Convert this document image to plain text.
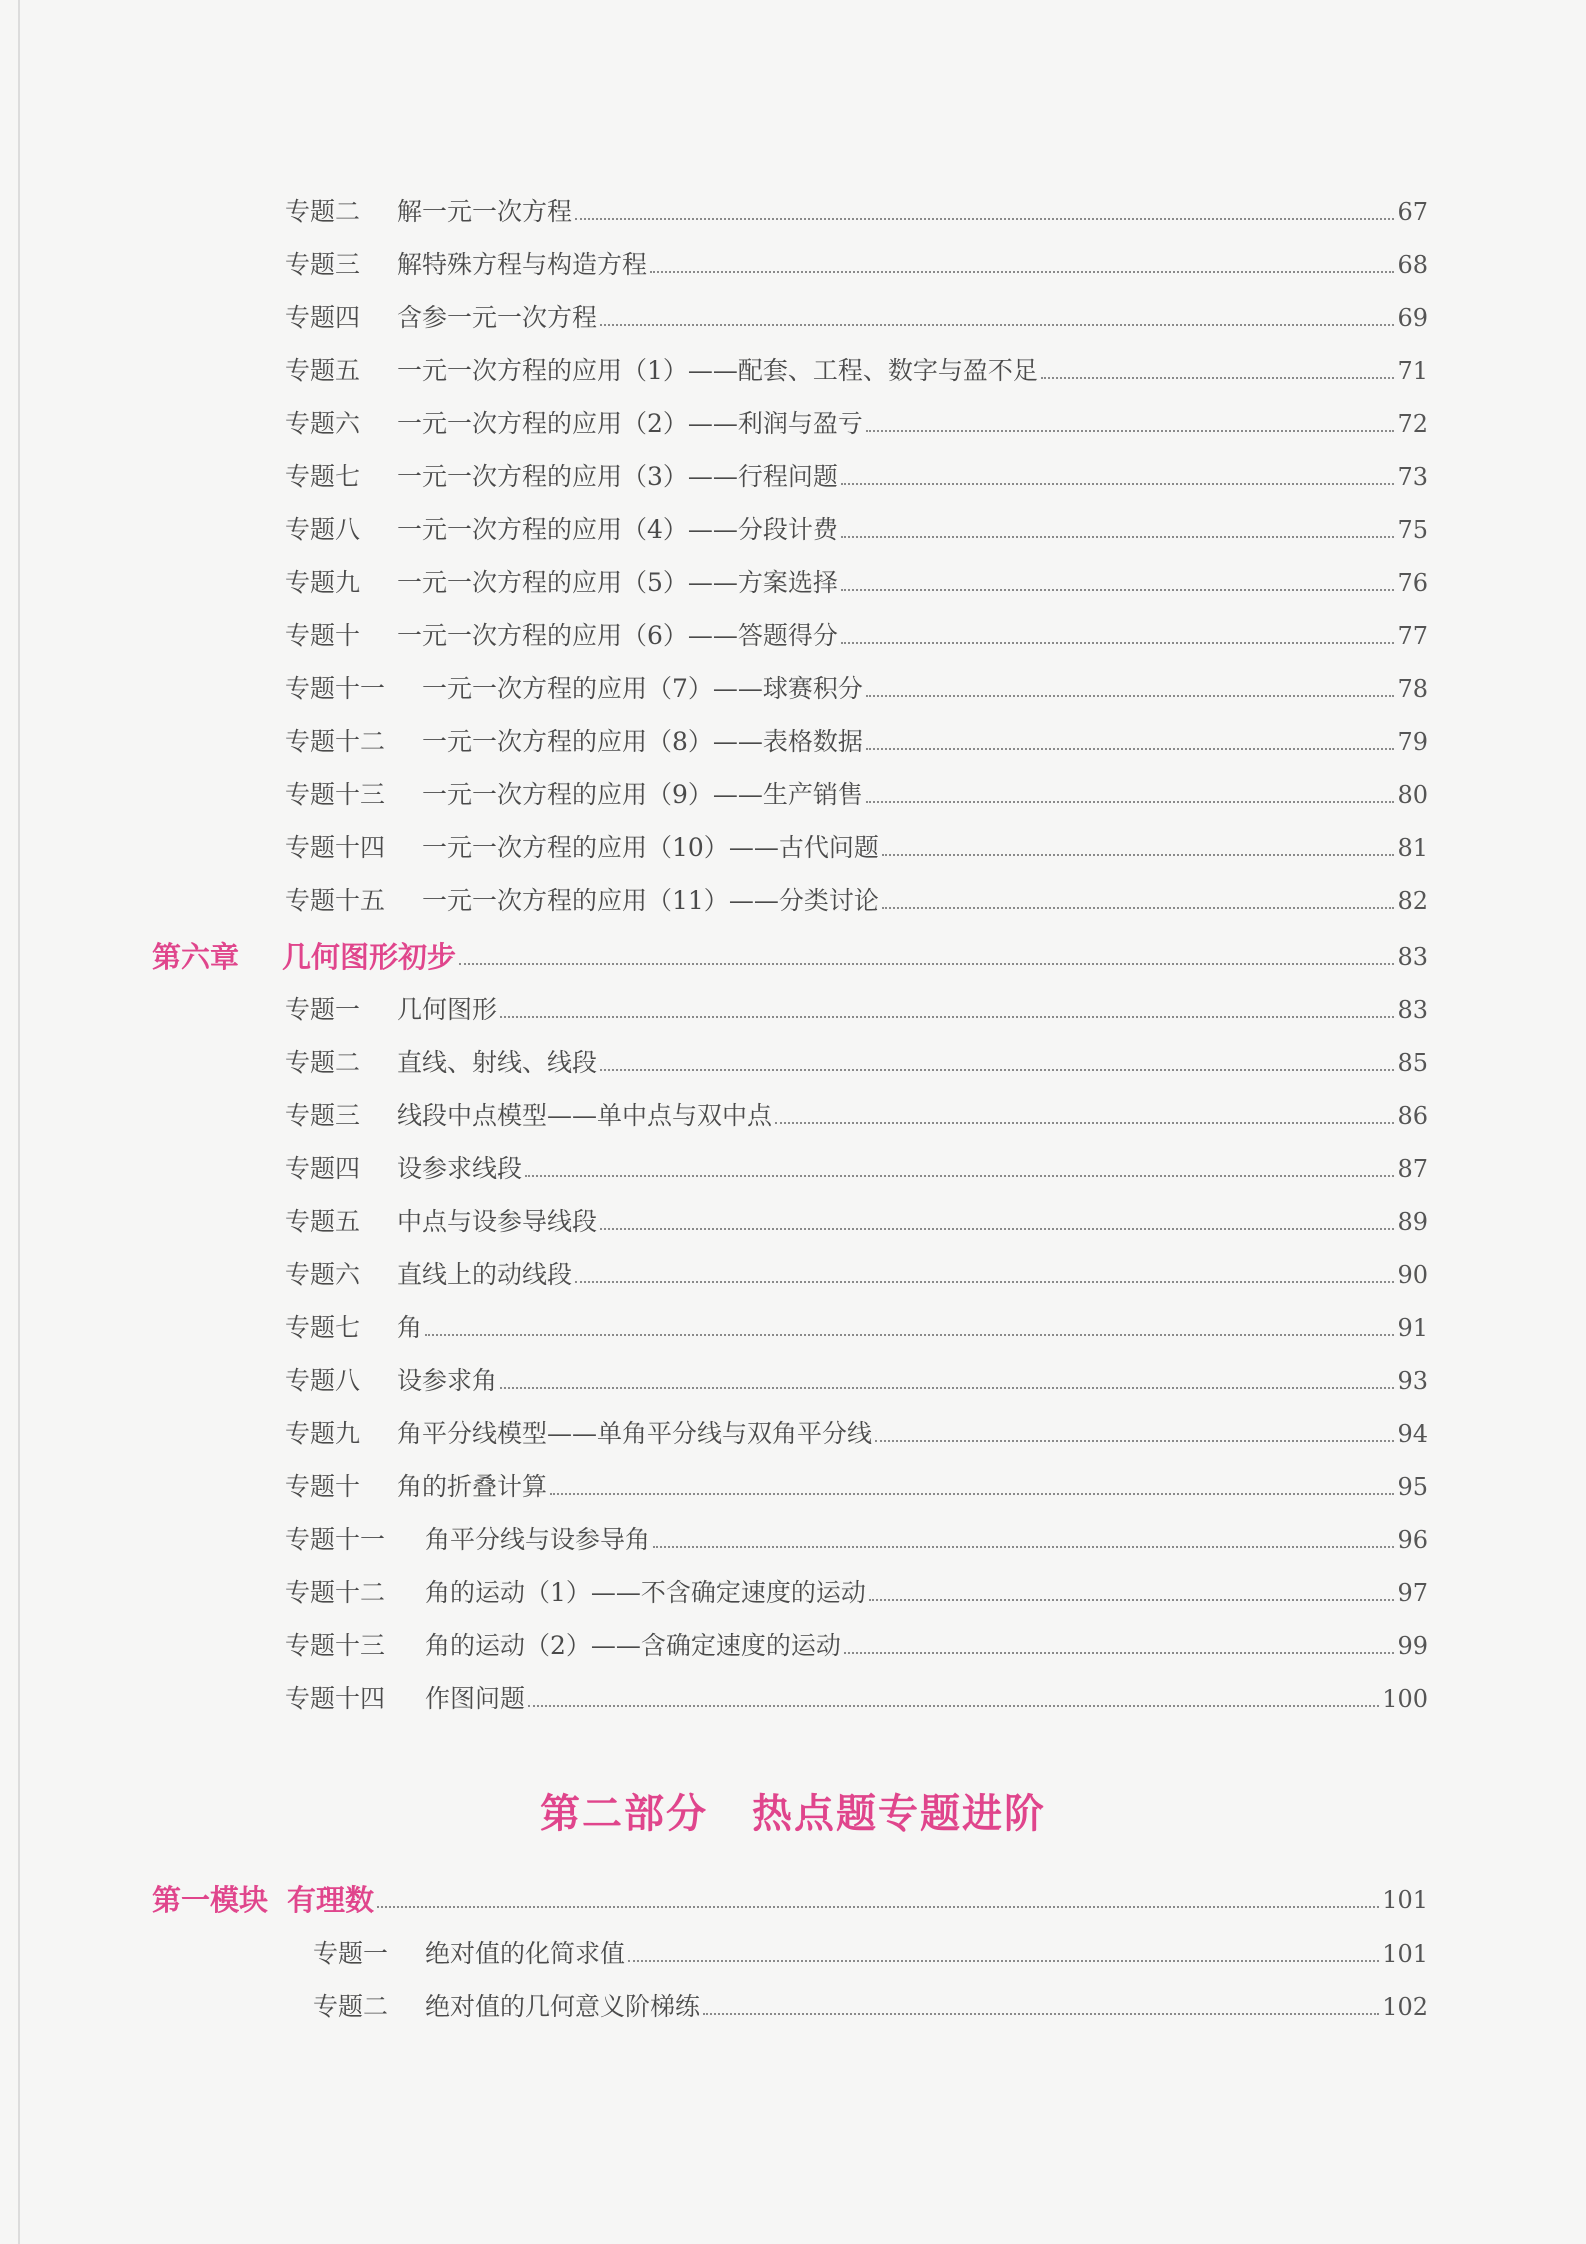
专题二	解一元一次方程	67
专题三	解特殊方程与构造方程	68
专题四	含参一元一次方程	69
专题五	一元一次方程的应用（1）——配套、工程、数字与盈不足	71
专题六	一元一次方程的应用（2）——利润与盈亏	72
专题七	一元一次方程的应用（3）——行程问题	73
专题八	一元一次方程的应用（4）——分段计费	75
专题九	一元一次方程的应用（5）——方案选择	76
专题十	一元一次方程的应用（6）——答题得分	77
专题十一	一元一次方程的应用（7）——球赛积分	78
专题十二	一元一次方程的应用（8）——表格数据	79
专题十三	一元一次方程的应用（9）——生产销售	80
专题十四	一元一次方程的应用（10）——古代问题	81
专题十五	一元一次方程的应用（11）——分类讨论	82
第六章	几何图形初步	83
专题一	几何图形	83
专题二	直线、射线、线段	85
专题三	线段中点模型——单中点与双中点	86
专题四	设参求线段	87
专题五	中点与设参导线段	89
专题六	直线上的动线段	90
专题七	角	91
专题八	设参求角	93
专题九	角平分线模型——单角平分线与双角平分线	94
专题十	角的折叠计算	95
专题十一	角平分线与设参导角	96
专题十二	角的运动（1）——不含确定速度的运动	97
专题十三	角的运动（2）——含确定速度的运动	99
专题十四	作图问题	100
第一模块 有理数	101
专题一	绝对值的化简求值	101
专题二	绝对值的几何意义阶梯练	102
第二部分 热点题专题进阶
